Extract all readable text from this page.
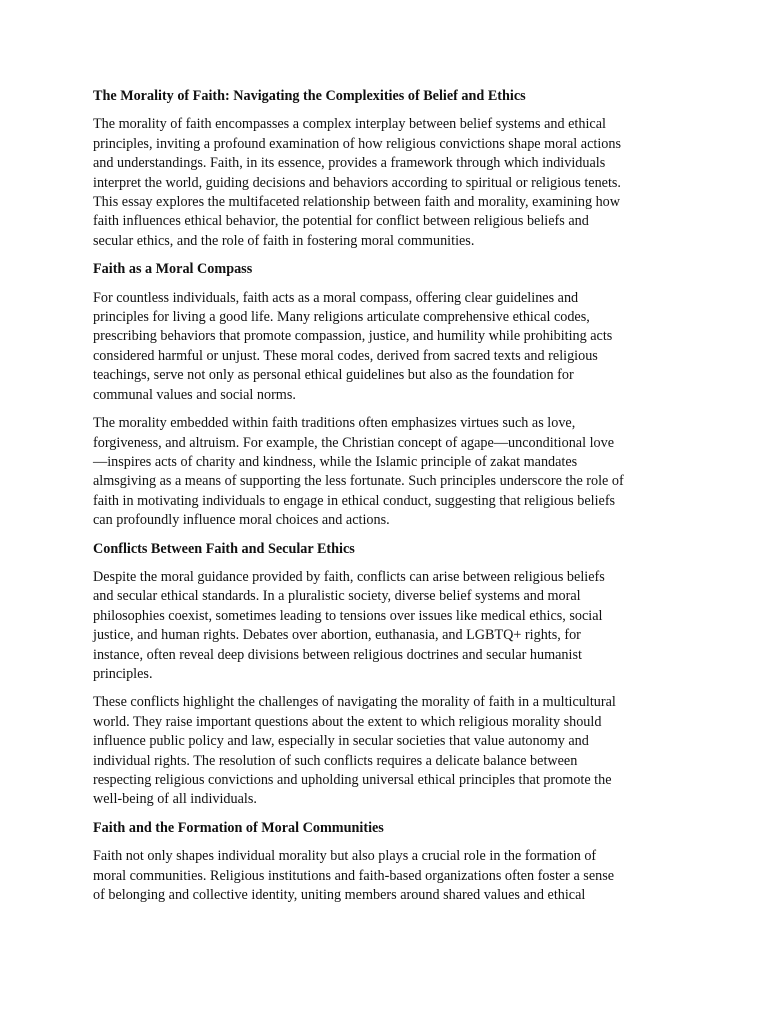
The Morality of Faith: Navigating the Complexities of Belief and Ethics

The morality of faith encompasses a complex interplay between belief systems and ethical
principles, inviting a profound examination of how religious convictions shape moral actions
and understandings. Faith, in its essence, provides a framework through which individuals
interpret the world, guiding decisions and behaviors according to spiritual or religious tenets.
This essay explores the multifaceted relationship between faith and morality, examining how
faith influences ethical behavior, the potential for conflict between religious beliefs and
secular ethics, and the role of faith in fostering moral communities.

Faith as a Moral Compass

For countless individuals, faith acts as a moral compass, offering clear guidelines and
principles for living a good life. Many religions articulate comprehensive ethical codes,
prescribing behaviors that promote compassion, justice, and humility while prohibiting acts
considered harmful or unjust. These moral codes, derived from sacred texts and religious
teachings, serve not only as personal ethical guidelines but also as the foundation for
communal values and social norms.

The morality embedded within faith traditions often emphasizes virtues such as love,
forgiveness, and altruism. For example, the Christian concept of agape—unconditional love
—inspires acts of charity and kindness, while the Islamic principle of zakat mandates
almsgiving as a means of supporting the less fortunate. Such principles underscore the role of
faith in motivating individuals to engage in ethical conduct, suggesting that religious beliefs
can profoundly influence moral choices and actions.

Conflicts Between Faith and Secular Ethics

Despite the moral guidance provided by faith, conflicts can arise between religious beliefs
and secular ethical standards. In a pluralistic society, diverse belief systems and moral
philosophies coexist, sometimes leading to tensions over issues like medical ethics, social
justice, and human rights. Debates over abortion, euthanasia, and LGBTQ+ rights, for
instance, often reveal deep divisions between religious doctrines and secular humanist
principles.

These conflicts highlight the challenges of navigating the morality of faith in a multicultural
world. They raise important questions about the extent to which religious morality should
influence public policy and law, especially in secular societies that value autonomy and
individual rights. The resolution of such conflicts requires a delicate balance between
respecting religious convictions and upholding universal ethical principles that promote the
well-being of all individuals.

Faith and the Formation of Moral Communities

Faith not only shapes individual morality but also plays a crucial role in the formation of
moral communities. Religious institutions and faith-based organizations often foster a sense
of belonging and collective identity, uniting members around shared values and ethical
